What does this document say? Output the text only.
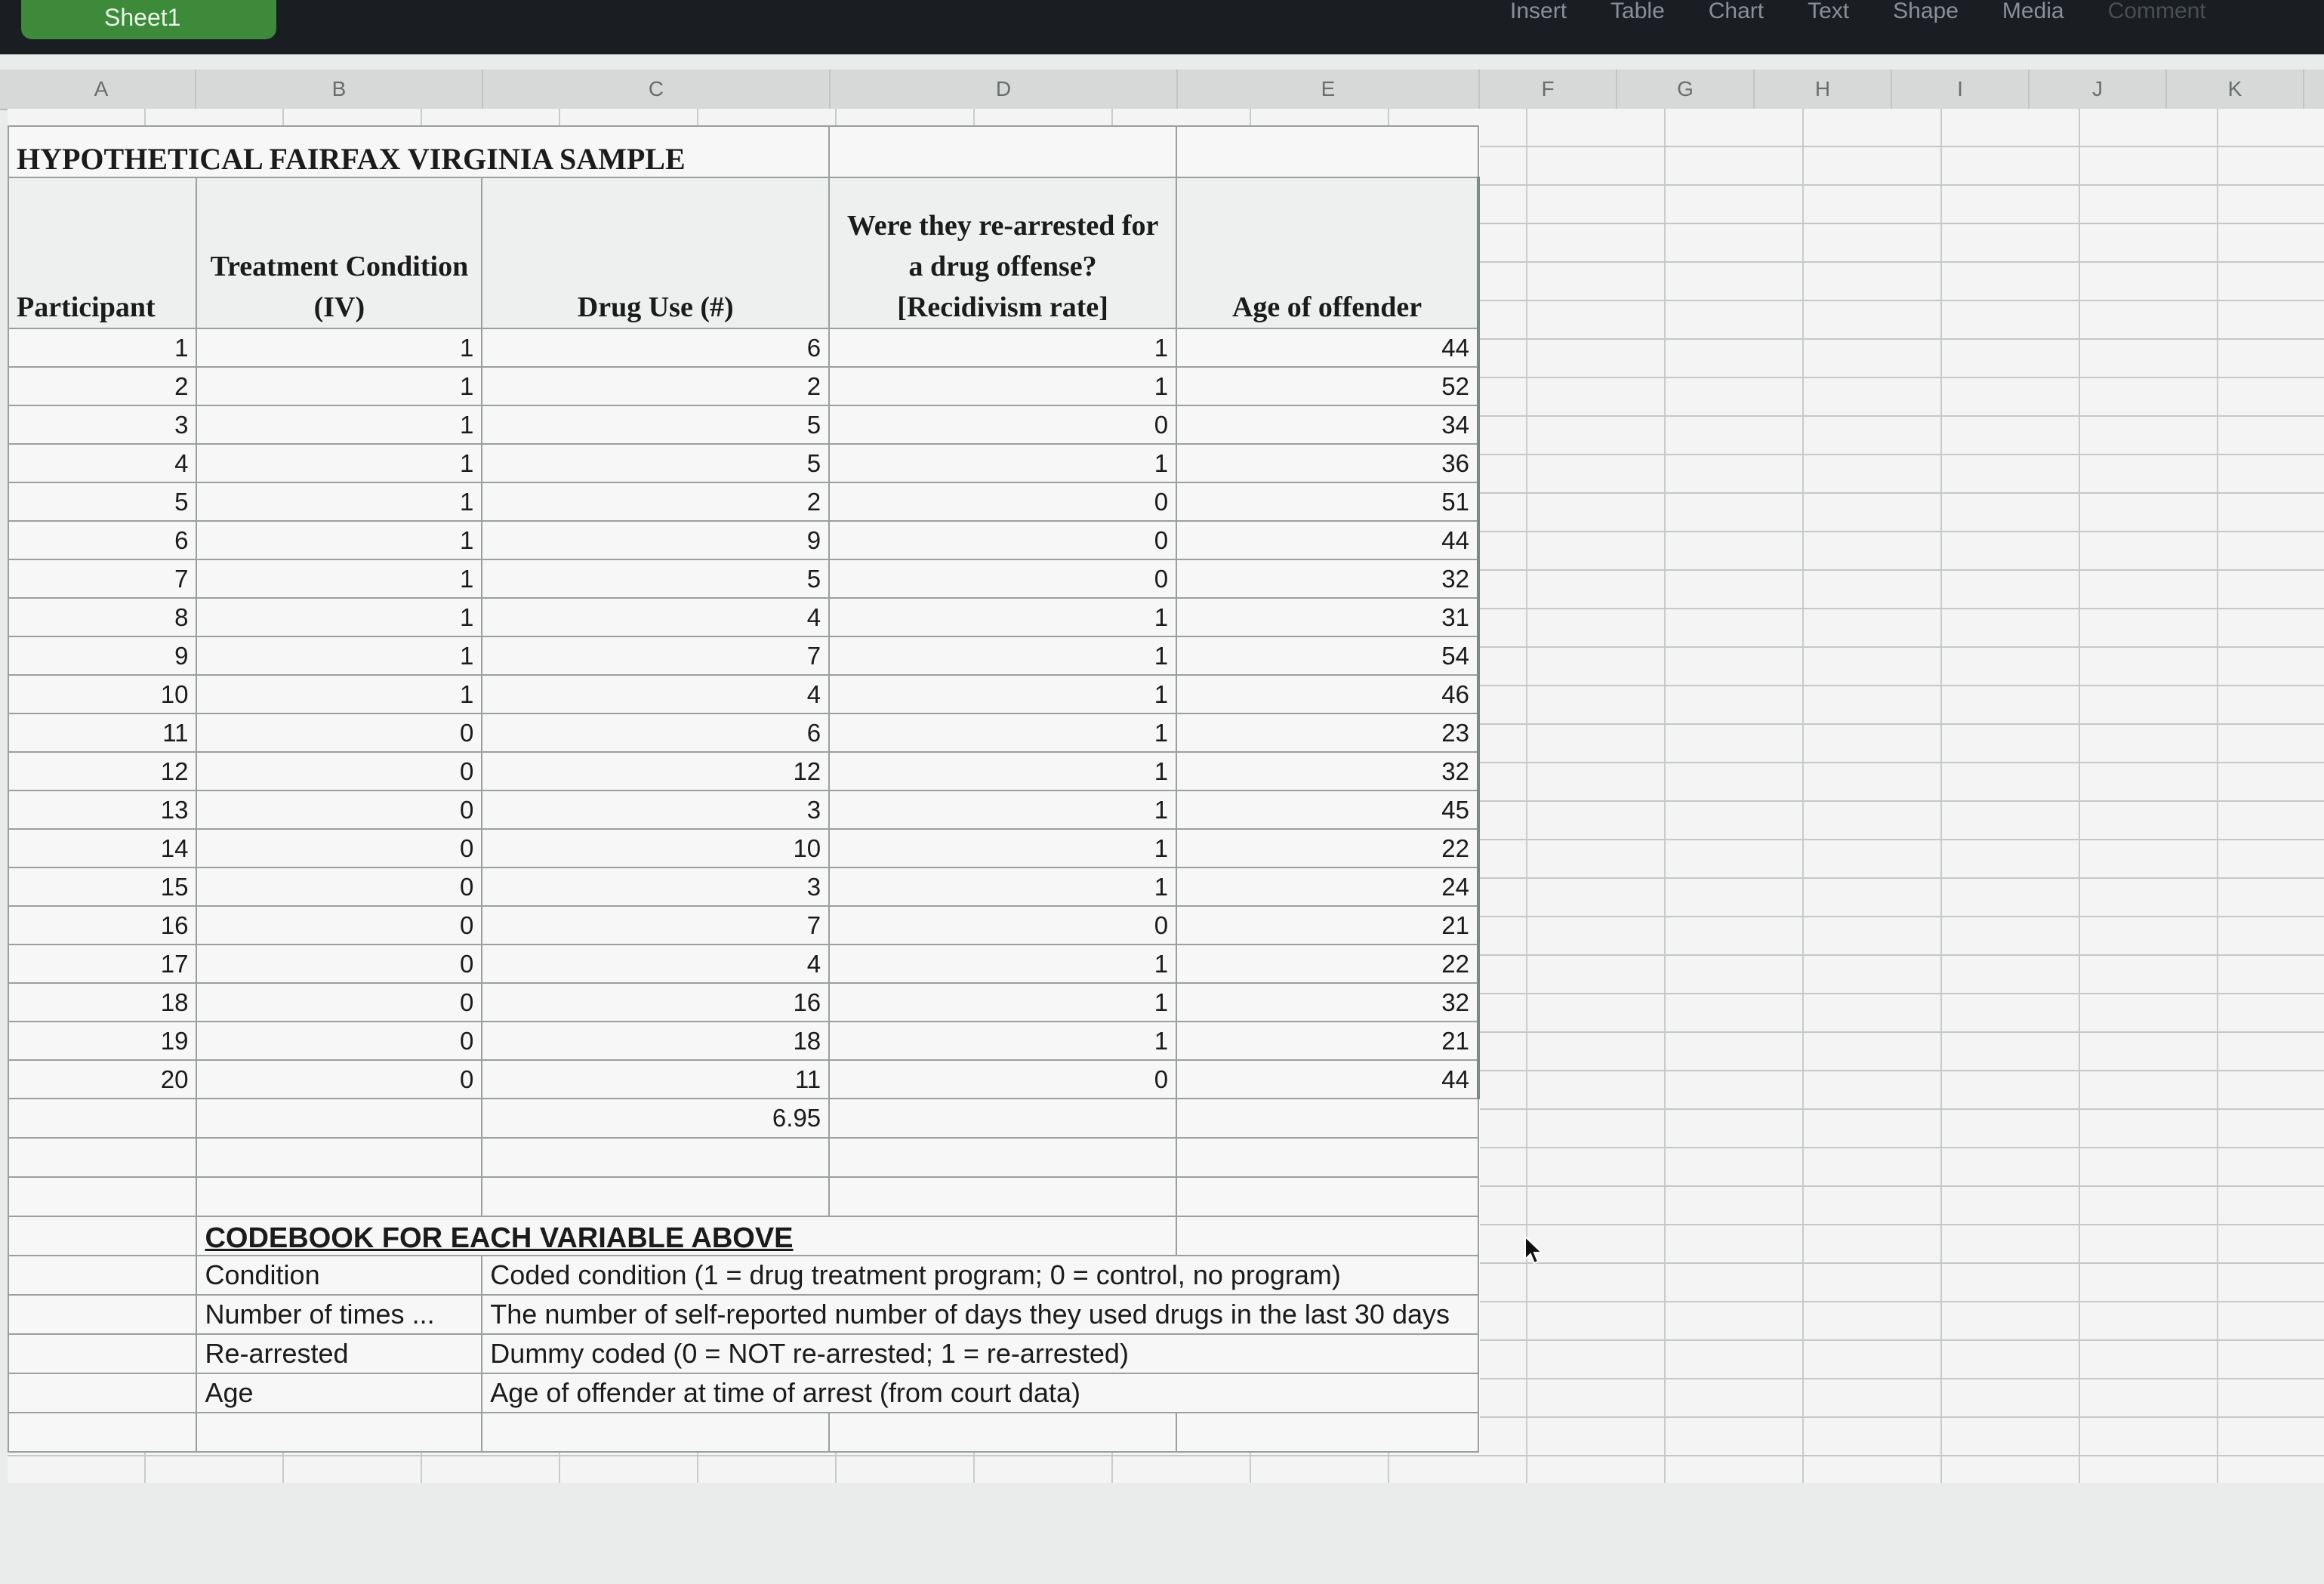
Sheet1	Insert Table Chart Text Shape Media Comment
A	B	C	D	E	F	G	H	I	J	K
HYPOTHETICAL FAIRFAX VIRGINIA SAMPLE				
Participant	Treatment Condition (IV)	Drug Use (#)	Were they re-arrested for a drug offense? [Recidivism rate]	Age of offender
1	1	6	1	44
2	1	2	1	52
3	1	5	0	34
4	1	5	1	36
5	1	2	0	51
6	1	9	0	44
7	1	5	0	32
8	1	4	1	31
9	1	7	1	54
10	1	4	1	46
11	0	6	1	23
12	0	12	1	32
13	0	3	1	45
14	0	10	1	22
15	0	3	1	24
16	0	7	0	21
17	0	4	1	22
18	0	16	1	32
19	0	18	1	21
20	0	11	0	44
		6.95		

	CODEBOOK FOR EACH VARIABLE ABOVE			
	Condition	Coded condition (1 = drug treatment program; 0 = control, no program)		
	Number of times ...	The number of self-reported number of days they used drugs in the last 30 days		
	Re-arrested	Dummy coded (0 = NOT re-arrested; 1 = re-arrested)		
	Age	Age of offender at time of arrest (from court data)		
